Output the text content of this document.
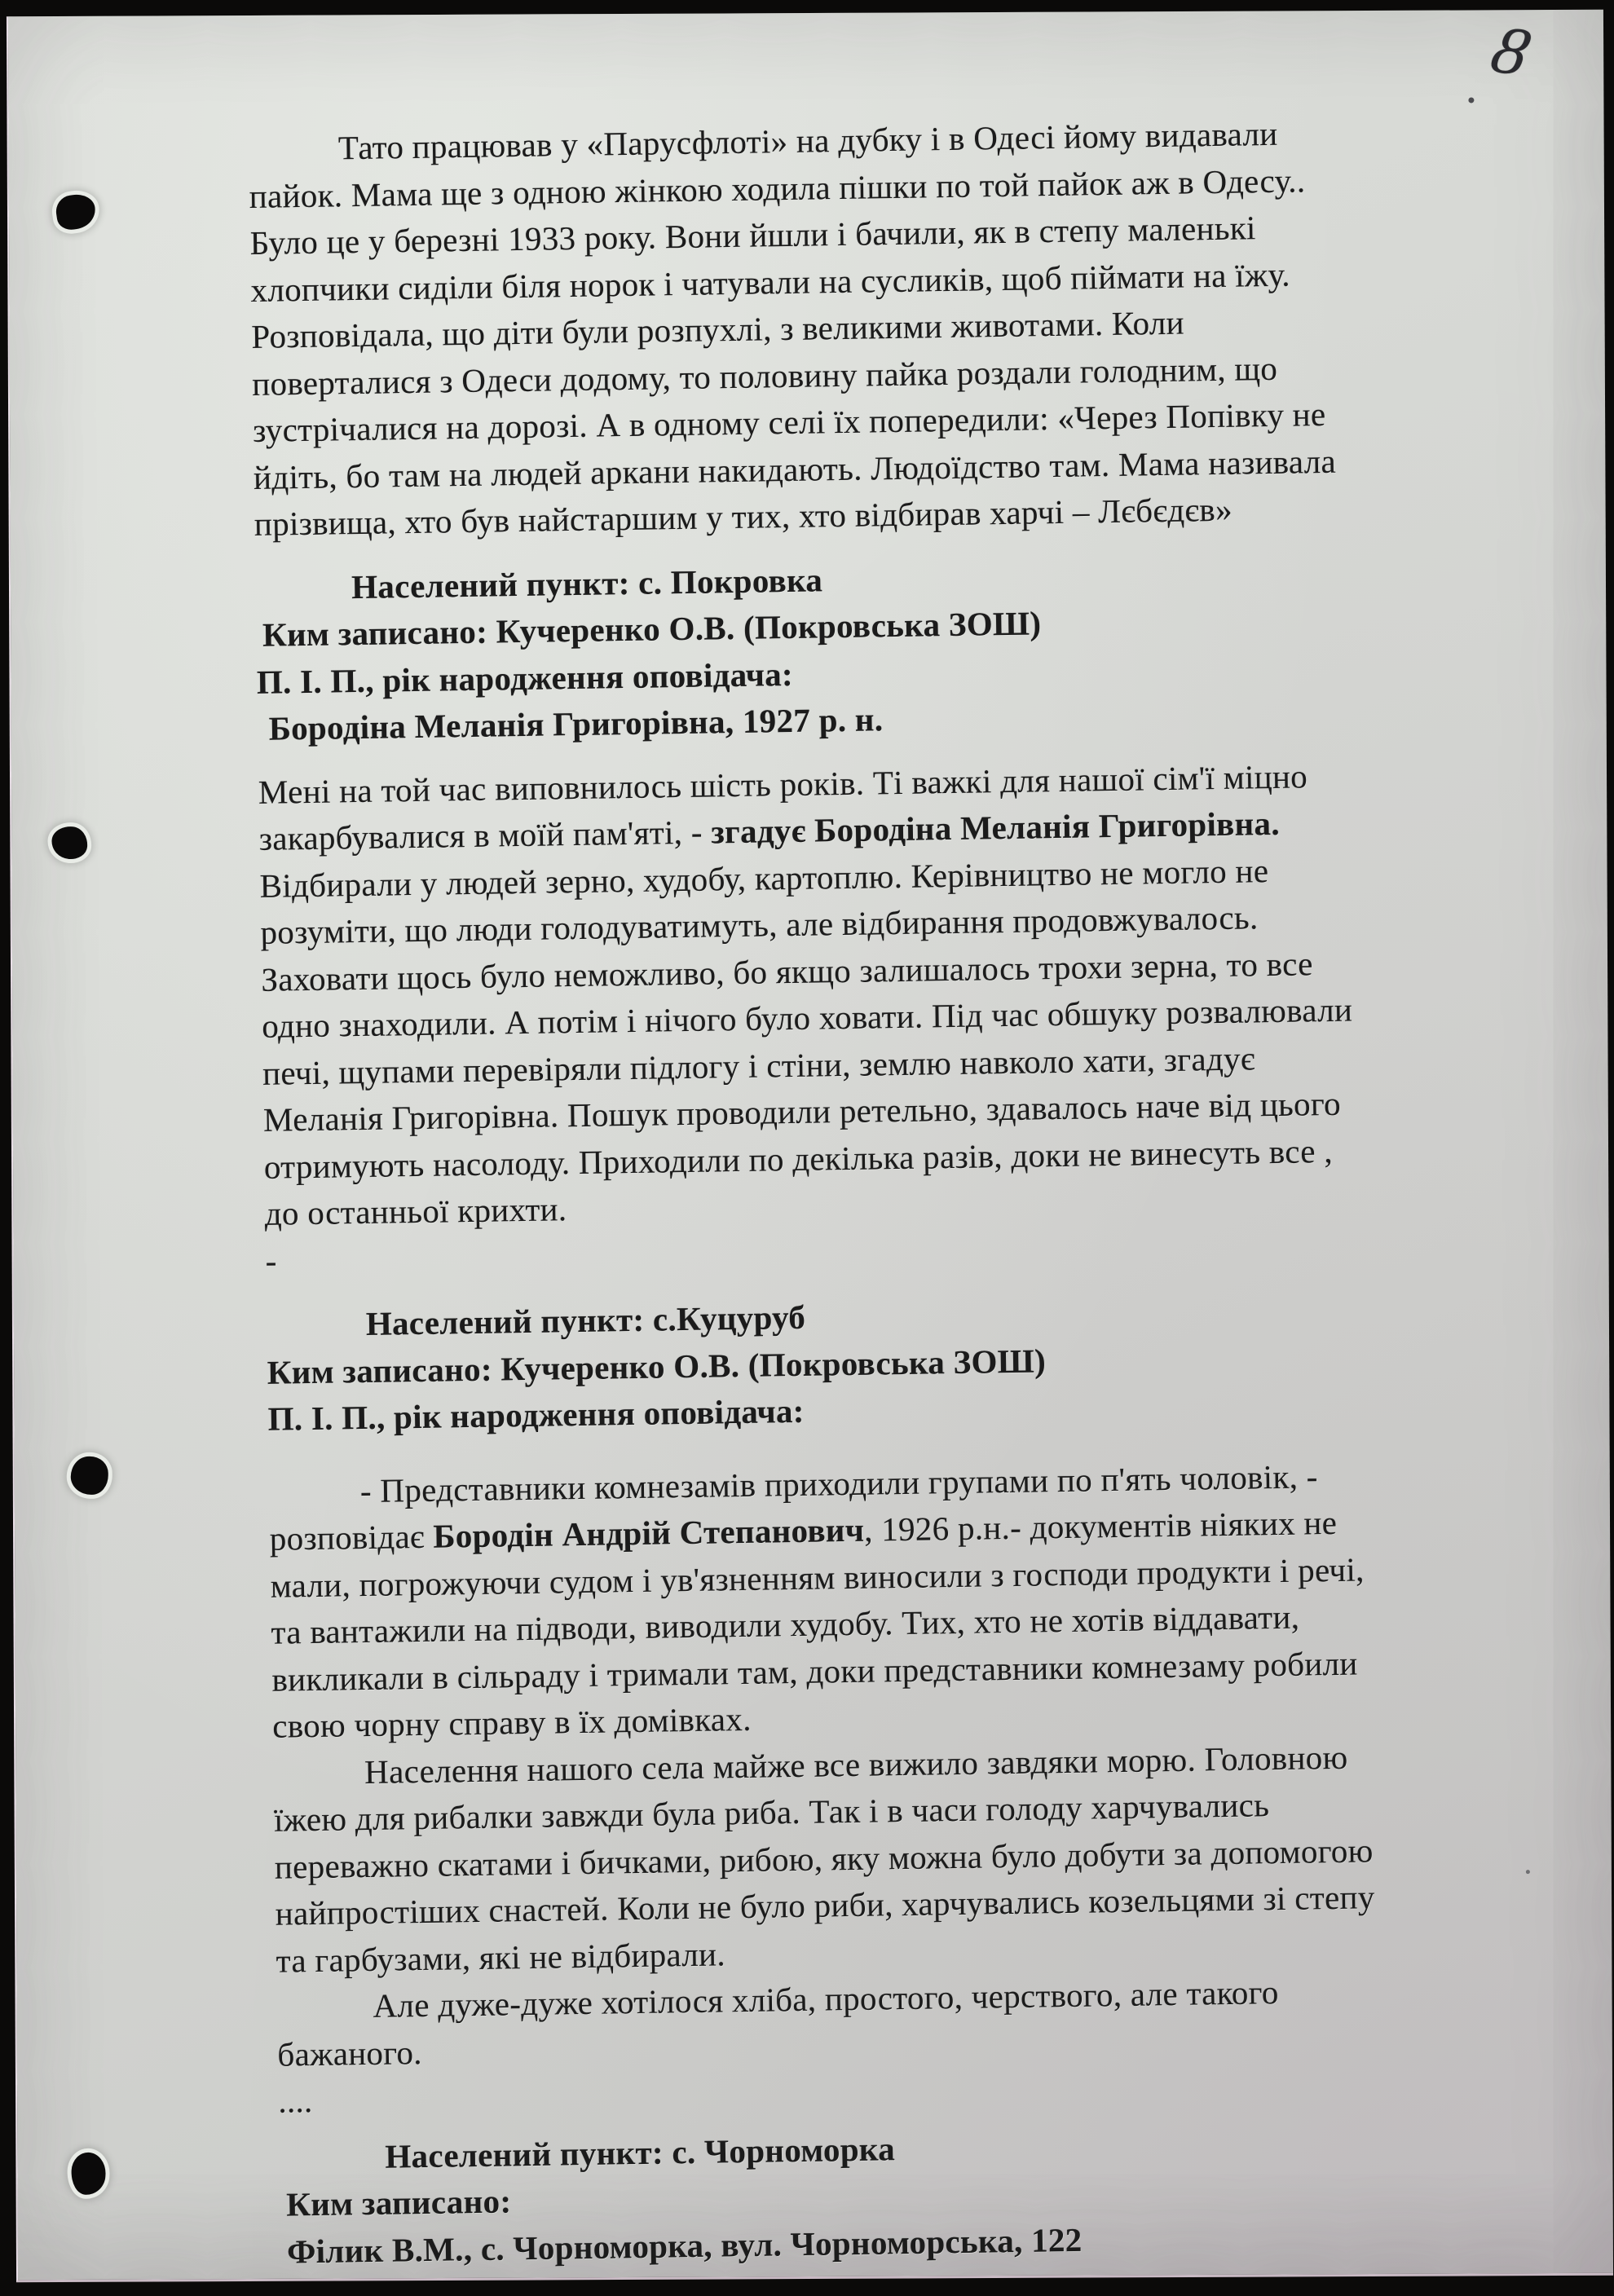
8
Тато працював у «Парусфлоті» на дубку і в Одесі йому видавали
пайок. Мама ще з одною жінкою ходила пішки по той пайок аж в Одесу..
Було це у березні 1933 року. Вони йшли і бачили, як в степу маленькі
хлопчики сиділи біля норок і чатували на сусликів, щоб піймати на їжу.
Розповідала, що діти були розпухлі, з великими животами. Коли
поверталися з Одеси додому, то половину пайка роздали голодним, що
зустрічалися на дорозі. А в одному селі їх попередили: «Через Попівку не
йдіть, бо там на людей аркани накидають. Людоїдство там. Мама називала
прізвища, хто був найстаршим у тих, хто відбирав харчі – Лєбєдєв»
Населений пункт: с. Покровка
Ким записано: Кучеренко О.В. (Покровська ЗОШ)
П. І. П., рік народження оповідача:
Бородіна Меланія Григорівна, 1927 р. н.
Мені на той час виповнилось шість років. Ті важкі для нашої сім'ї міцно
закарбувалися в моїй пам'яті, - згадує Бородіна Меланія Григорівна.
Відбирали у людей зерно, худобу, картоплю. Керівництво не могло не
розуміти, що люди голодуватимуть, але відбирання продовжувалось.
Заховати щось було неможливо, бо якщо залишалось трохи зерна, то все
одно знаходили. А потім і нічого було ховати. Під час обшуку розвалювали
печі, щупами перевіряли підлогу і стіни, землю навколо хати, згадує
Меланія Григорівна. Пошук проводили ретельно, здавалось наче від цього
отримують насолоду. Приходили по декілька разів, доки не винесуть все ,
до останньої крихти.
-
Населений пункт: с.Куцуруб
Ким записано: Кучеренко О.В. (Покровська ЗОШ)
П. І. П., рік народження оповідача:
- Представники комнезамів приходили групами по п'ять чоловік, -
розповідає Бородін Андрій Степанович, 1926 р.н.- документів ніяких не
мали, погрожуючи судом і ув'язненням виносили з господи продукти і речі,
та вантажили на підводи, виводили худобу. Тих, хто не хотів віддавати,
викликали в сільраду і тримали там, доки представники комнезаму робили
свою чорну справу в їх домівках.
Населення нашого села майже все вижило завдяки морю. Головною
їжею для рибалки завжди була риба. Так і в часи голоду харчувались
переважно скатами і бичками, рибою, яку можна було добути за допомогою
найпростіших снастей. Коли не було риби, харчувались козельцями зі степу
та гарбузами, які не відбирали.
Але дуже-дуже хотілося хліба, простого, черствого, але такого
бажаного.
....
Населений пункт: с. Чорноморка
Ким записано:
Філик В.М., с. Чорноморка, вул. Чорноморська, 122
